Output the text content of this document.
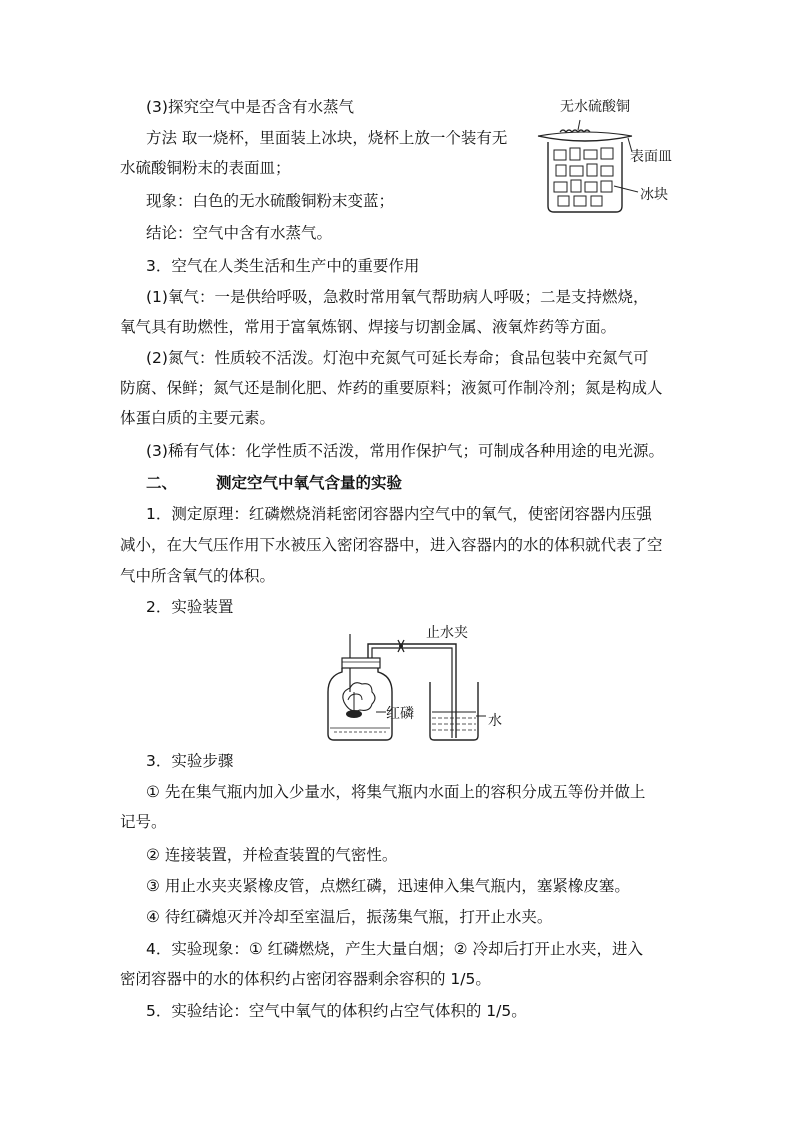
(3)探究空气中是否含有水蒸气
方法 取一烧杯，里面装上冰块，烧杯上放一个装有无
水硫酸铜粉末的表面皿；
现象：白色的无水硫酸铜粉末变蓝；
结论：空气中含有水蒸气。
无水硫酸铜
表面皿
冰块
3．空气在人类生活和生产中的重要作用
(1)氧气：一是供给呼吸，急救时常用氧气帮助病人呼吸；二是支持燃烧，
氧气具有助燃性，常用于富氧炼钢、焊接与切割金属、液氧炸药等方面。
(2)氮气：性质较不活泼。灯泡中充氮气可延长寿命；食品包装中充氮气可
防腐、保鲜；氮气还是制化肥、炸药的重要原料；液氮可作制冷剂；氮是构成人
体蛋白质的主要元素。
(3)稀有气体：化学性质不活泼，常用作保护气；可制成各种用途的电光源。
二、	测定空气中氧气含量的实验
1．测定原理：红磷燃烧消耗密闭容器内空气中的氧气，使密闭容器内压强
减小，在大气压作用下水被压入密闭容器中，进入容器内的水的体积就代表了空
气中所含氧气的体积。
2．实验装置
止水夹
红磷	水
3．实验步骤
① 先在集气瓶内加入少量水，将集气瓶内水面上的容积分成五等份并做上
记号。
② 连接装置，并检查装置的气密性。
③ 用止水夹夹紧橡皮管，点燃红磷，迅速伸入集气瓶内，塞紧橡皮塞。
④ 待红磷熄灭并冷却至室温后，振荡集气瓶，打开止水夹。
4．实验现象：① 红磷燃烧，产生大量白烟；② 冷却后打开止水夹，进入
密闭容器中的水的体积约占密闭容器剩余容积的 1/5。
5．实验结论：空气中氧气的体积约占空气体积的 1/5。
